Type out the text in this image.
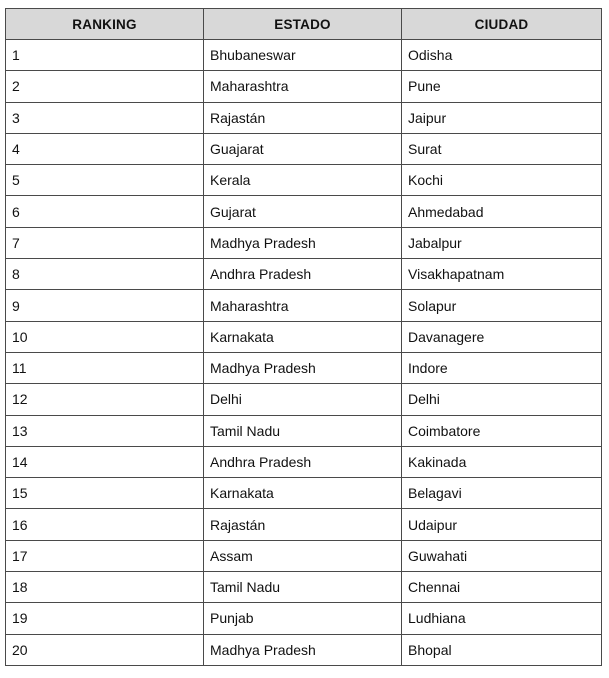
RANKING	ESTADO	CIUDAD
1	Bhubaneswar	Odisha
2	Maharashtra	Pune
3	Rajastán	Jaipur
4	Guajarat	Surat
5	Kerala	Kochi
6	Gujarat	Ahmedabad
7	Madhya Pradesh	Jabalpur
8	Andhra Pradesh	Visakhapatnam
9	Maharashtra	Solapur
10	Karnakata	Davanagere
11	Madhya Pradesh	Indore
12	Delhi	Delhi
13	Tamil Nadu	Coimbatore
14	Andhra Pradesh	Kakinada
15	Karnakata	Belagavi
16	Rajastán	Udaipur
17	Assam	Guwahati
18	Tamil Nadu	Chennai
19	Punjab	Ludhiana
20	Madhya Pradesh	Bhopal
